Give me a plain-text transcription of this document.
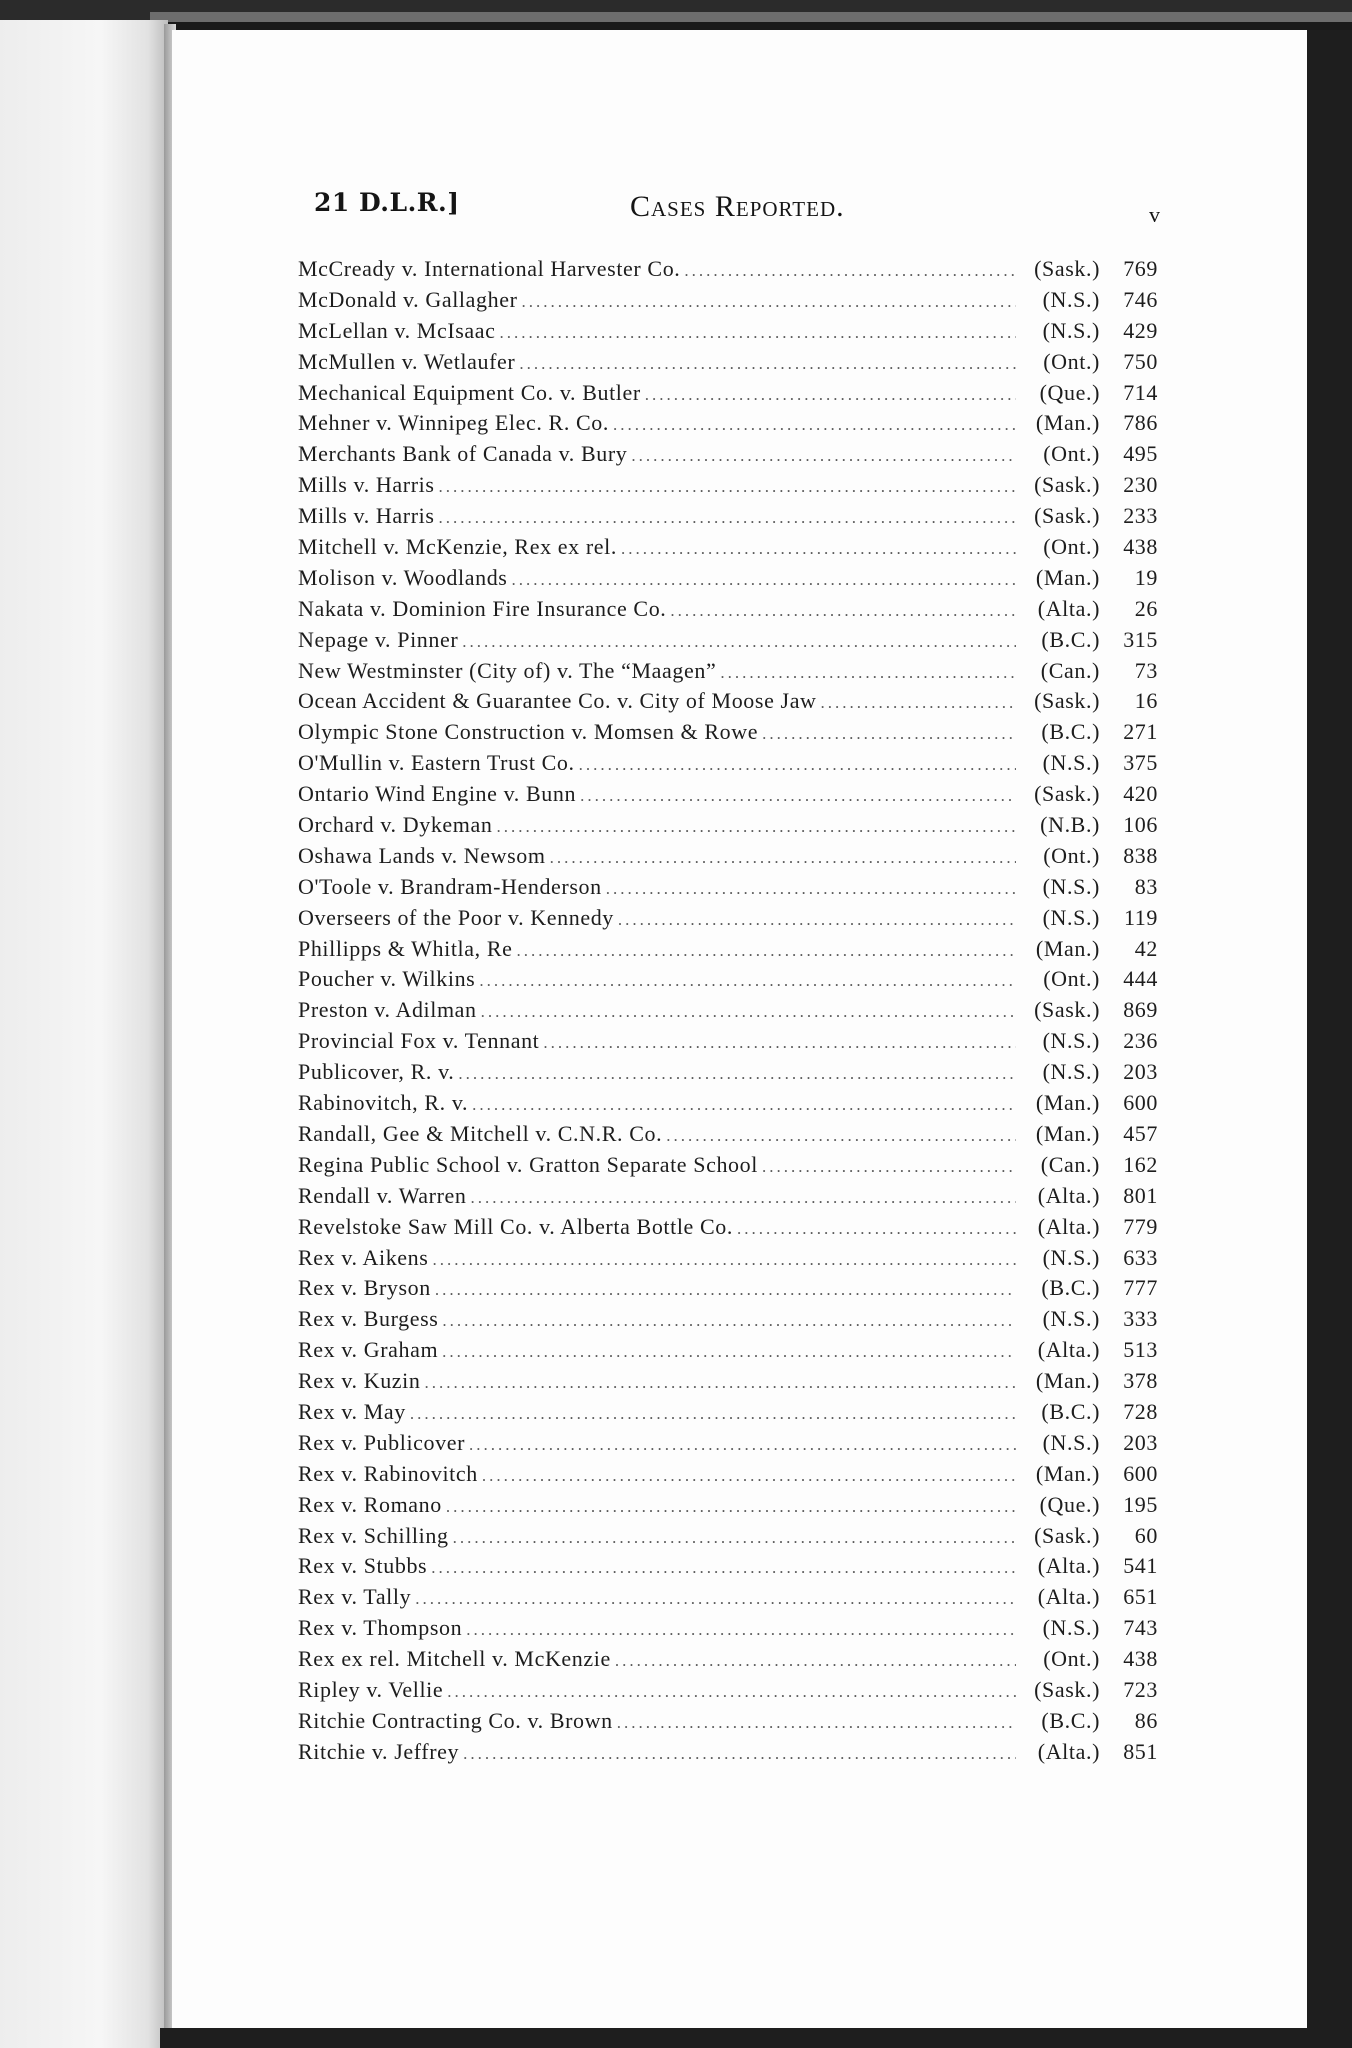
21 D.L.R.]	Cases Reported.	v
McCready v. International Harvester Co. .....	(Sask.)	769
McDonald v. Gallagher .....	(N.S.)	746
McLellan v. McIsaac .....	(N.S.)	429
McMullen v. Wetlaufer .....	(Ont.)	750
Mechanical Equipment Co. v. Butler .....	(Que.)	714
Mehner v. Winnipeg Elec. R. Co. .....	(Man.)	786
Merchants Bank of Canada v. Bury .....	(Ont.)	495
Mills v. Harris .....	(Sask.)	230
Mills v. Harris .....	(Sask.)	233
Mitchell v. McKenzie, Rex ex rel. .....	(Ont.)	438
Molison v. Woodlands .....	(Man.)	19
Nakata v. Dominion Fire Insurance Co. .....	(Alta.)	26
Nepage v. Pinner .....	(B.C.)	315
New Westminster (City of) v. The “Maagen” .....	(Can.)	73
Ocean Accident & Guarantee Co. v. City of Moose Jaw .....	(Sask.)	16
Olympic Stone Construction v. Momsen & Rowe .....	(B.C.)	271
O'Mullin v. Eastern Trust Co. .....	(N.S.)	375
Ontario Wind Engine v. Bunn .....	(Sask.)	420
Orchard v. Dykeman .....	(N.B.)	106
Oshawa Lands v. Newsom .....	(Ont.)	838
O'Toole v. Brandram-Henderson .....	(N.S.)	83
Overseers of the Poor v. Kennedy .....	(N.S.)	119
Phillipps & Whitla, Re .....	(Man.)	42
Poucher v. Wilkins .....	(Ont.)	444
Preston v. Adilman .....	(Sask.)	869
Provincial Fox v. Tennant .....	(N.S.)	236
Publicover, R. v. .....	(N.S.)	203
Rabinovitch, R. v. .....	(Man.)	600
Randall, Gee & Mitchell v. C.N.R. Co. .....	(Man.)	457
Regina Public School v. Gratton Separate School .....	(Can.)	162
Rendall v. Warren .....	(Alta.)	801
Revelstoke Saw Mill Co. v. Alberta Bottle Co. .....	(Alta.)	779
Rex v. Aikens .....	(N.S.)	633
Rex v. Bryson .....	(B.C.)	777
Rex v. Burgess .....	(N.S.)	333
Rex v. Graham .....	(Alta.)	513
Rex v. Kuzin .....	(Man.)	378
Rex v. May .....	(B.C.)	728
Rex v. Publicover .....	(N.S.)	203
Rex v. Rabinovitch .....	(Man.)	600
Rex v. Romano .....	(Que.)	195
Rex v. Schilling .....	(Sask.)	60
Rex v. Stubbs .....	(Alta.)	541
Rex v. Tally .....	(Alta.)	651
Rex v. Thompson .....	(N.S.)	743
Rex ex rel. Mitchell v. McKenzie .....	(Ont.)	438
Ripley v. Vellie .....	(Sask.)	723
Ritchie Contracting Co. v. Brown .....	(B.C.)	86
Ritchie v. Jeffrey .....	(Alta.)	851
